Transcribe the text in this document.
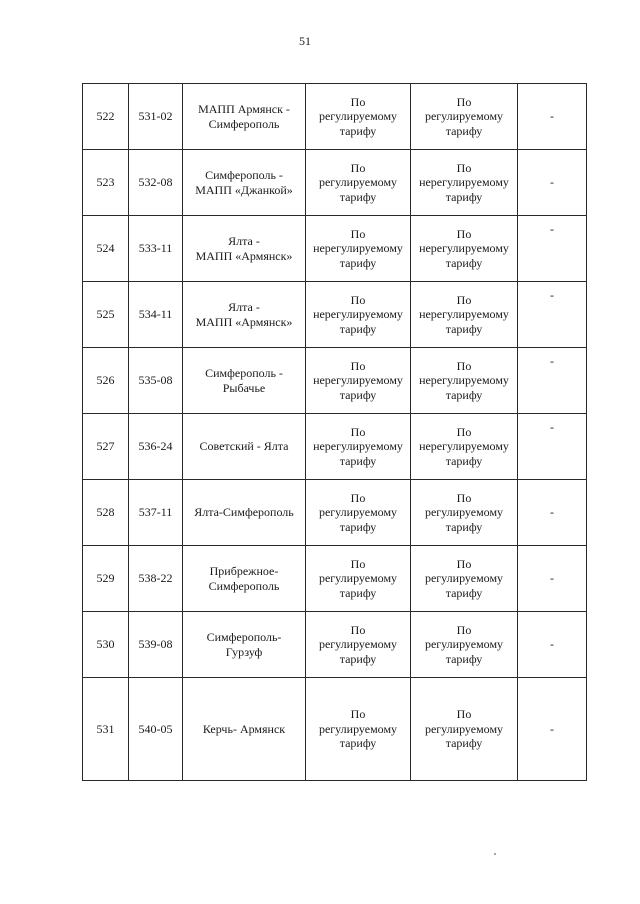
51
522	531-02	МАПП Армянск -
Симферополь	По
регулируемому
тарифу	По
регулируемому
тарифу	-
523	532-08	Симферополь -
МАПП «Джанкой»	По
регулируемому
тарифу	По
нерегулируемому
тарифу	-
524	533-11	Ялта -
МАПП «Армянск»	По
нерегулируемому
тарифу	По
нерегулируемому
тарифу	-

525	534-11	Ялта -
МАПП «Армянск»	По
нерегулируемому
тарифу	По
нерегулируемому
тарифу	-

526	535-08	Симферополь -
Рыбачье	По
нерегулируемому
тарифу	По
нерегулируемому
тарифу	-

527	536-24	Советский - Ялта	По
нерегулируемому
тарифу	По
нерегулируемому
тарифу	-

528	537-11	Ялта-Симферополь	По
регулируемому
тарифу	По
регулируемому
тарифу	-
529	538-22	Прибрежное-
Симферополь	По
регулируемому
тарифу	По
регулируемому
тарифу	-
530	539-08	Симферополь-
Гурзуф	По
регулируемому
тарифу	По
регулируемому
тарифу	-
531	540-05	Керчь- Армянск	По
регулируемому
тарифу	По
регулируемому
тарифу	-
